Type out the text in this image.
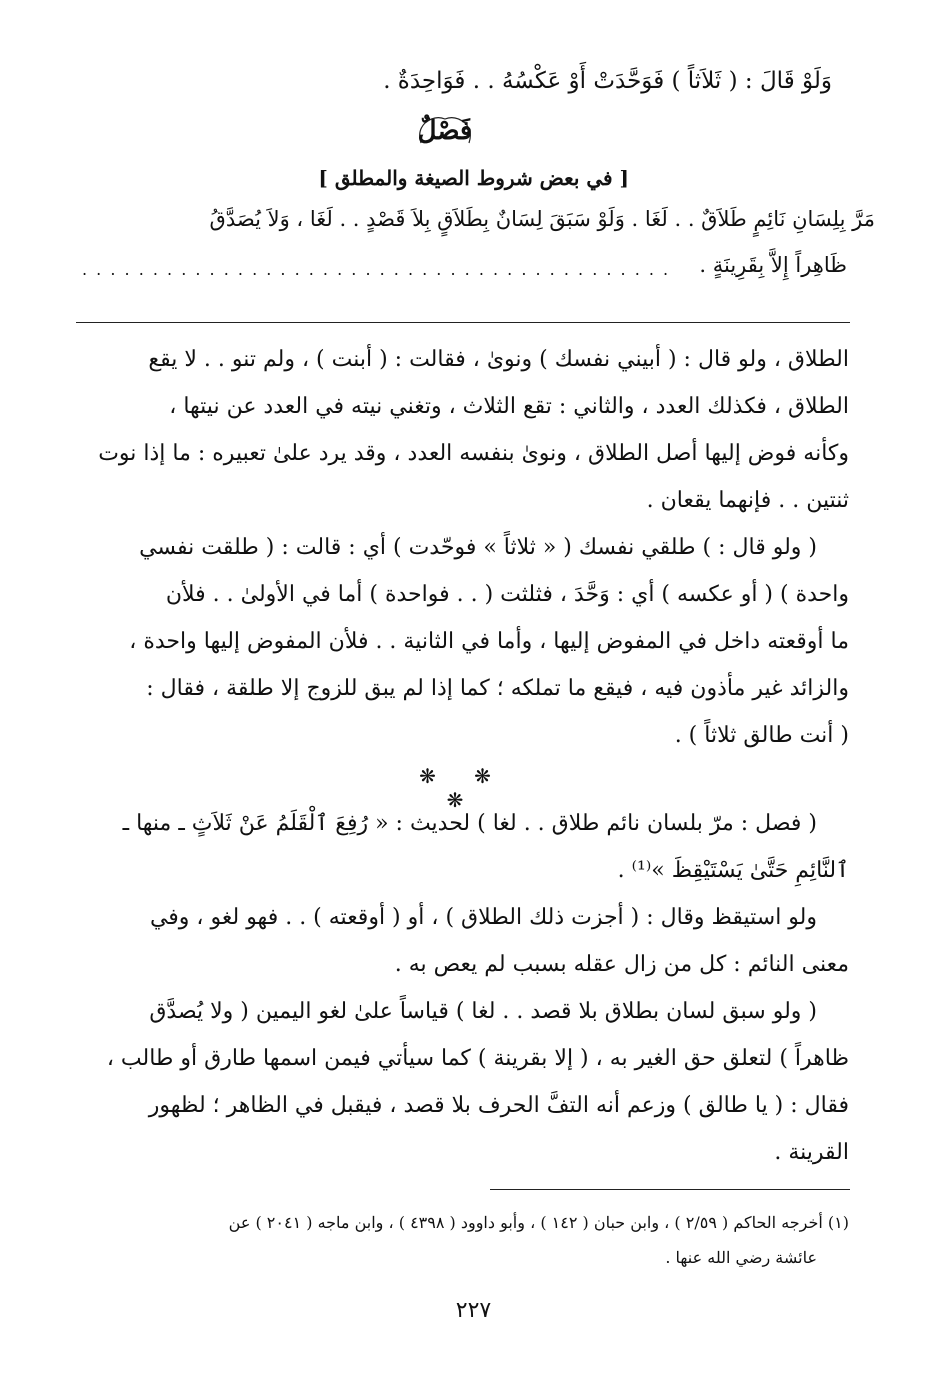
وَلَوْ قَالَ : ( ثَلاَثاً ) فَوَحَّدَتْ أَوْ عَكْسُهُ . . فَوَاحِدَةٌ .
فَصْلٌ
[ في بعض شروط الصيغة والمطلق ]
مَرَّ بِلِسَانِ نَائِمٍ طَلاَقٌ . . لَغَا . وَلَوْ سَبَقَ لِسَانٌ بِطَلاَقٍ بِلاَ قَصْدٍ . . لَغَا ، وَلاَ يُصَدَّقُ
ظَاهِراً إِلاَّ بِقَرِينَةٍ .
. . . . . . . . . . . . . . . . . . . . . . . . . . . . . . . . . . . . . . . . . .
الطلاق ، ولو قال : ( أبيني نفسك ) ونوىٰ ، فقالت : ( أبنت ) ، ولم تنو . . لا يقع
الطلاق ، فكذلك العدد ، والثاني : تقع الثلاث ، وتغني نيته في العدد عن نيتها ،
وكأنه فوض إليها أصل الطلاق ، ونوىٰ بنفسه العدد ، وقد يرد علىٰ تعبيره : ما إذا نوت
ثنتين . . فإنهما يقعان .
( ولو قال : ) طلقي نفسك ( « ثلاثاً » فوحّدت ) أي : قالت : ( طلقت نفسي
واحدة ) ( أو عكسه ) أي : وَحَّدَ ، فثلثت ( . . فواحدة ) أما في الأولىٰ . . فلأن
ما أوقعته داخل في المفوض إليها ، وأما في الثانية . . فلأن المفوض إليها واحدة ،
والزائد غير مأذون فيه ، فيقع ما تملكه ؛ كما إذا لم يبق للزوج إلا طلقة ، فقال :
( أنت طالق ثلاثاً ) .
❋ ❋ ❋
( فصل : مرّ بلسان نائم طلاق . . لغا ) لحديث : « رُفِعَ ٱلْقَلَمُ عَنْ ثَلاَثٍ ـ منها ـ
ٱلنَّائِمِ حَتَّىٰ يَسْتَيْقِظَ »⁽¹⁾ .
ولو استيقظ وقال : ( أجزت ذلك الطلاق ) ، أو ( أوقعته ) . . فهو لغو ، وفي
معنى النائم : كل من زال عقله بسبب لم يعص به .
( ولو سبق لسان بطلاق بلا قصد . . لغا ) قياساً علىٰ لغو اليمين ( ولا يُصدَّق
ظاهراً ) لتعلق حق الغير به ، ( إلا بقرينة ) كما سيأتي فيمن اسمها طارق أو طالب ،
فقال : ( يا طالق ) وزعم أنه التفَّ الحرف بلا قصد ، فيقبل في الظاهر ؛ لظهور
القرينة .
(١) أخرجه الحاكم ( ٢/٥٩ ) ، وابن حبان ( ١٤٢ ) ، وأبو داوود ( ٤٣٩٨ ) ، وابن ماجه ( ٢٠٤١ ) عن
عائشة رضي الله عنها .
٢٢٧
